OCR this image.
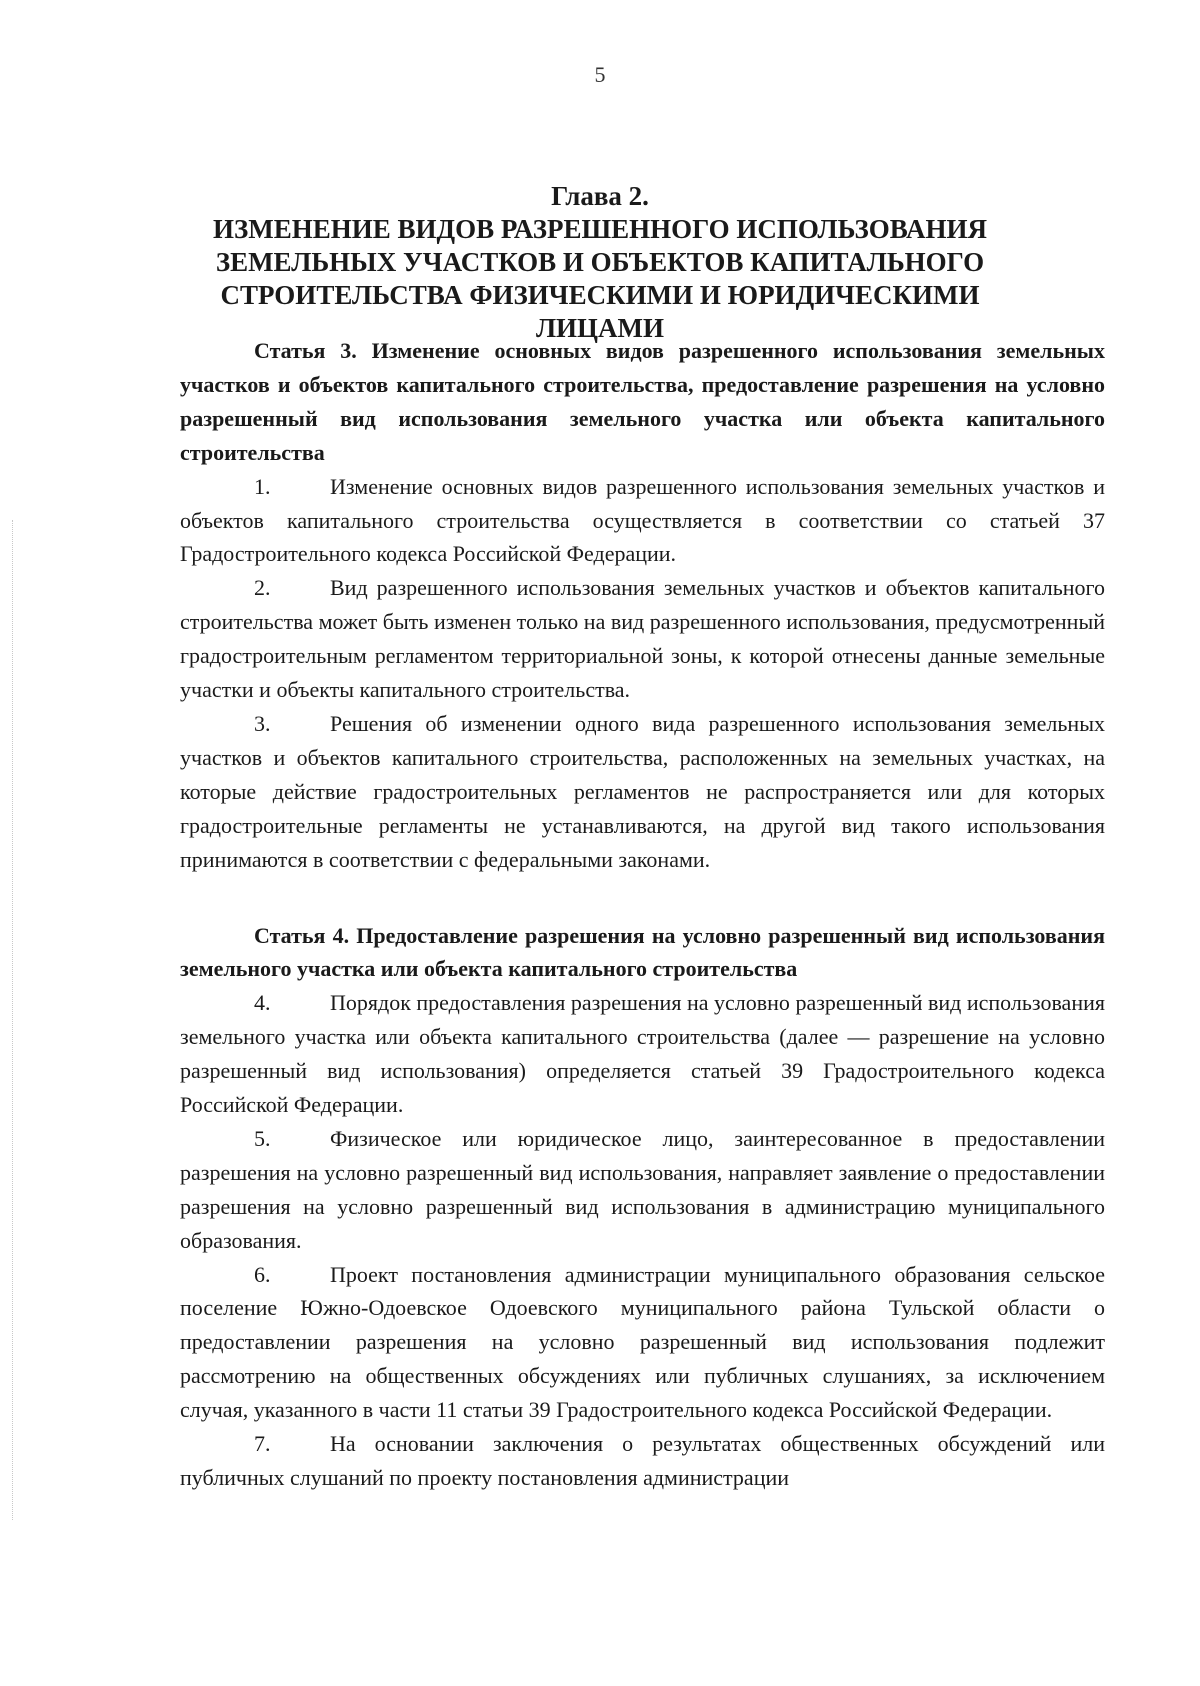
5
Глава 2.
ИЗМЕНЕНИЕ ВИДОВ РАЗРЕШЕННОГО ИСПОЛЬЗОВАНИЯ
ЗЕМЕЛЬНЫХ УЧАСТКОВ И ОБЪЕКТОВ КАПИТАЛЬНОГО
СТРОИТЕЛЬСТВА ФИЗИЧЕСКИМИ И ЮРИДИЧЕСКИМИ ЛИЦАМИ

Статья 3. Изменение основных видов разрешенного использования земельных участков и объектов капитального строительства, предоставление разрешения на условно разрешенный вид использования земельного участка или объекта капитального строительства

1.	Изменение основных видов разрешенного использования земельных участков и объектов капитального строительства осуществляется в соответствии со статьей 37 Градостроительного кодекса Российской Федерации.

2.	Вид разрешенного использования земельных участков и объектов капитального строительства может быть изменен только на вид разрешенного использования, предусмотренный градостроительным регламентом территориальной зоны, к которой отнесены данные земельные участки и объекты капитального строительства.

3.	Решения об изменении одного вида разрешенного использования земельных участков и объектов капитального строительства, расположенных на земельных участках, на которые действие градостроительных регламентов не распространяется или для которых градостроительные регламенты не устанавливаются, на другой вид такого использования принимаются в соответствии с федеральными законами.

Статья 4. Предоставление разрешения на условно разрешенный вид использования земельного участка или объекта капитального строительства

4.	Порядок предоставления разрешения на условно разрешенный вид использования земельного участка или объекта капитального строительства (далее — разрешение на условно разрешенный вид использования) определяется статьей 39 Градостроительного кодекса Российской Федерации.

5.	Физическое или юридическое лицо, заинтересованное в предоставлении разрешения на условно разрешенный вид использования, направляет заявление о предоставлении разрешения на условно разрешенный вид использования в администрацию муниципального образования.

6.	Проект постановления администрации муниципального образования сельское поселение Южно-Одоевское Одоевского муниципального района Тульской области о предоставлении разрешения на условно разрешенный вид использования подлежит рассмотрению на общественных обсуждениях или публичных слушаниях, за исключением случая, указанного в части 11 статьи 39 Градостроительного кодекса Российской Федерации.

7.	На основании заключения о результатах общественных обсуждений или публичных слушаний по проекту постановления администрации
